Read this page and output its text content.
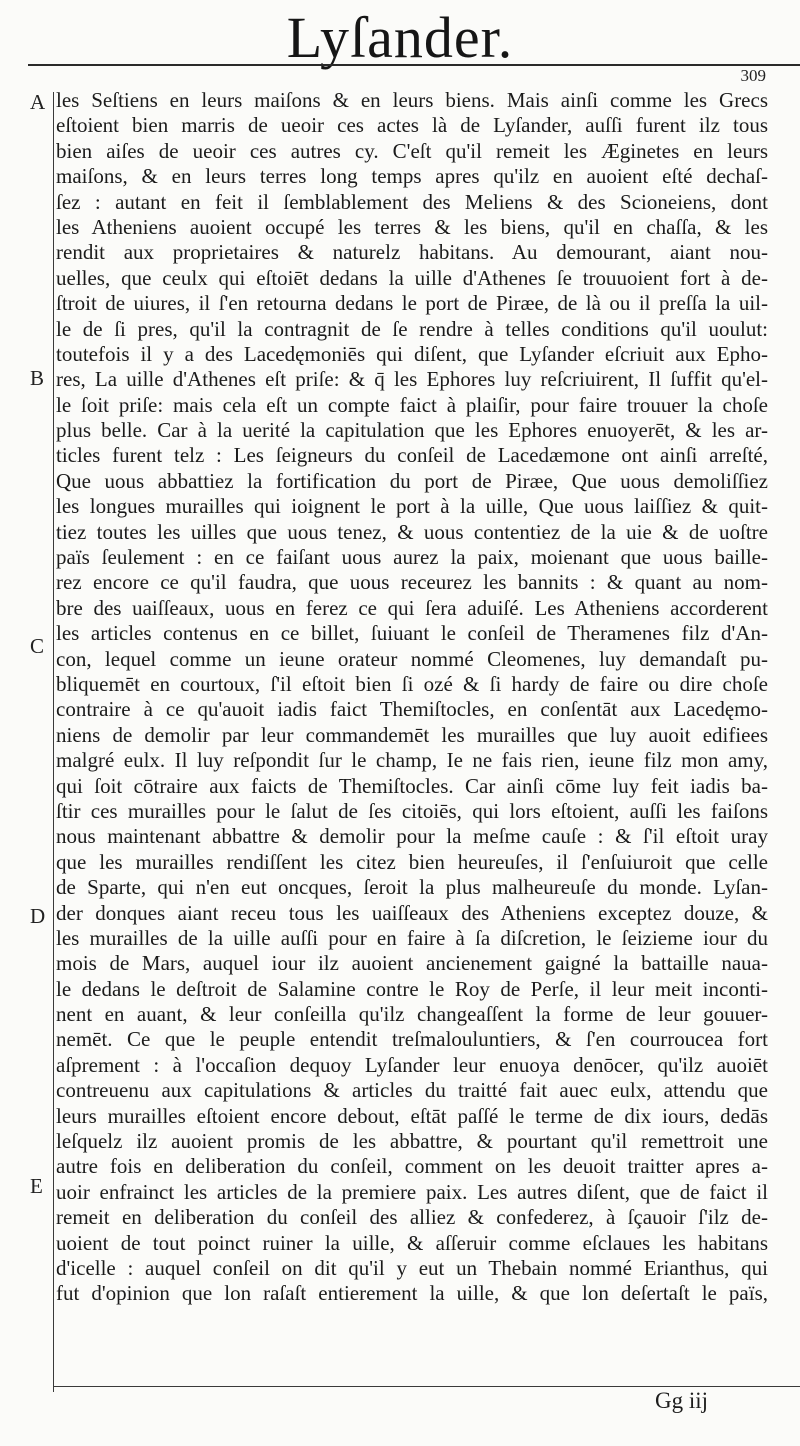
Lyſander.
309
A
B
C
D
E
les Seſtiens en leurs maiſons & en leurs biens. Mais ainſi comme les Grecs
eſtoient bien marris de ueoir ces actes là de Lyſander, auſſi furent ilz tous
bien aiſes de ueoir ces autres cy. C'eſt qu'il remeit les Æginetes en leurs
maiſons, & en leurs terres long temps apres qu'ilz en auoient eſté dechaſ-
ſez : autant en feit il ſemblablement des Meliens & des Scioneiens, dont
les Atheniens auoient occupé les terres & les biens, qu'il en chaſſa, & les
rendit aux proprietaires & naturelz habitans. Au demourant, aiant nou-
uelles, que ceulx qui eſtoiēt dedans la uille d'Athenes ſe trouuoient fort à de-
ſtroit de uiures, il ſ'en retourna dedans le port de Piræe, de là ou il preſſa la uil-
le de ſi pres, qu'il la contragnit de ſe rendre à telles conditions qu'il uoulut:
toutefois il y a des Lacedęmoniēs qui diſent, que Lyſander eſcriuit aux Epho-
res, La uille d'Athenes eſt priſe: & q̄ les Ephores luy reſcriuirent, Il ſuffit qu'el-
le ſoit priſe: mais cela eſt un compte faict à plaiſir, pour faire trouuer la choſe
plus belle. Car à la uerité la capitulation que les Ephores enuoyerēt, & les ar-
ticles furent telz : Les ſeigneurs du conſeil de Lacedæmone ont ainſi arreſté,
Que uous abbattiez la fortification du port de Piræe, Que uous demoliſſiez
les longues murailles qui ioignent le port à la uille, Que uous laiſſiez & quit-
tiez toutes les uilles que uous tenez, & uous contentiez de la uie & de uoſtre
païs ſeulement : en ce faiſant uous aurez la paix, moienant que uous baille-
rez encore ce qu'il faudra, que uous receurez les bannits : & quant au nom-
bre des uaiſſeaux, uous en ferez ce qui ſera aduiſé. Les Atheniens accorderent
les articles contenus en ce billet, ſuiuant le conſeil de Theramenes filz d'An-
con, lequel comme un ieune orateur nommé Cleomenes, luy demandaſt pu-
bliquemēt en courtoux, ſ'il eſtoit bien ſi ozé & ſi hardy de faire ou dire choſe
contraire à ce qu'auoit iadis faict Themiſtocles, en conſentāt aux Lacedęmo-
niens de demolir par leur commandemēt les murailles que luy auoit edifiees
malgré eulx. Il luy reſpondit ſur le champ, Ie ne fais rien, ieune filz mon amy,
qui ſoit cōtraire aux faicts de Themiſtocles. Car ainſi cōme luy feit iadis ba-
ſtir ces murailles pour le ſalut de ſes citoiēs, qui lors eſtoient, auſſi les faiſons
nous maintenant abbattre & demolir pour la meſme cauſe : & ſ'il eſtoit uray
que les murailles rendiſſent les citez bien heureuſes, il ſ'enſuiuroit que celle
de Sparte, qui n'en eut oncques, ſeroit la plus malheureuſe du monde. Lyſan-
der donques aiant receu tous les uaiſſeaux des Atheniens exceptez douze, &
les murailles de la uille auſſi pour en faire à ſa diſcretion, le ſeizieme iour du
mois de Mars, auquel iour ilz auoient ancienement gaigné la battaille naua-
le dedans le deſtroit de Salamine contre le Roy de Perſe, il leur meit inconti-
nent en auant, & leur conſeilla qu'ilz changeaſſent la forme de leur gouuer-
nemēt. Ce que le peuple entendit treſmalouluntiers, & ſ'en courroucea fort
aſprement : à l'occaſion dequoy Lyſander leur enuoya denōcer, qu'ilz auoiēt
contreuenu aux capitulations & articles du traitté fait auec eulx, attendu que
leurs murailles eſtoient encore debout, eſtāt paſſé le terme de dix iours, dedās
leſquelz ilz auoient promis de les abbattre, & pourtant qu'il remettroit une
autre fois en deliberation du conſeil, comment on les deuoit traitter apres a-
uoir enfrainct les articles de la premiere paix. Les autres diſent, que de faict il
remeit en deliberation du conſeil des alliez & confederez, à ſçauoir ſ'ilz de-
uoient de tout poinct ruiner la uille, & aſſeruir comme eſclaues les habitans
d'icelle : auquel conſeil on dit qu'il y eut un Thebain nommé Erianthus, qui
fut d'opinion que lon raſaſt entierement la uille, & que lon deſertaſt le païs,
Gg iij
